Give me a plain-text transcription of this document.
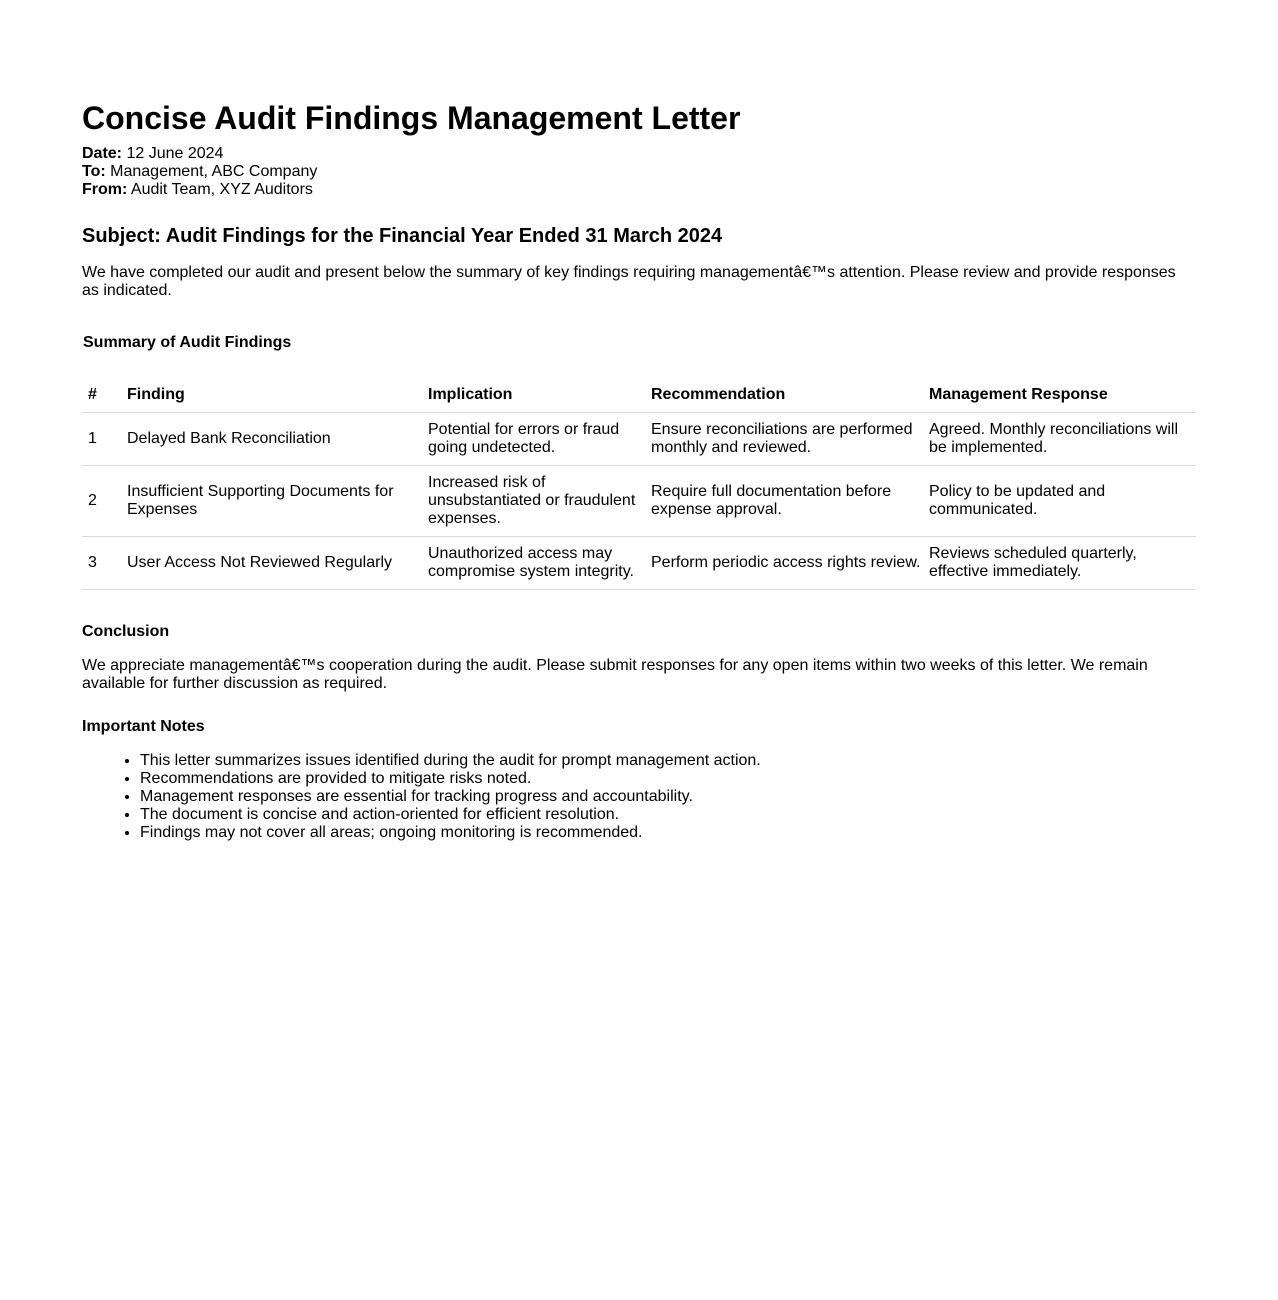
Concise Audit Findings Management Letter

Date: 12 June 2024

To: Management, ABC Company

From: Audit Team, XYZ Auditors

Subject: Audit Findings for the Financial Year Ended 31 March 2024

We have completed our audit and present below the summary of key findings requiring managementâ€™s attention. Please review and provide responses as indicated.

Summary of Audit Findings
#	Finding	Implication	Recommendation	Management Response
1	Delayed Bank Reconciliation	Potential for errors or fraud going undetected.	Ensure reconciliations are performed monthly and reviewed.	Agreed. Monthly reconciliations will be implemented.
2	Insufficient Supporting Documents for Expenses	Increased risk of unsubstantiated or fraudulent expenses.	Require full documentation before expense approval.	Policy to be updated and communicated.
3	User Access Not Reviewed Regularly	Unauthorized access may compromise system integrity.	Perform periodic access rights review.	Reviews scheduled quarterly, effective immediately.
Conclusion

We appreciate managementâ€™s cooperation during the audit. Please submit responses for any open items within two weeks of this letter. We remain available for further discussion as required.

Important Notes
• This letter summarizes issues identified during the audit for prompt management action.
• Recommendations are provided to mitigate risks noted.
• Management responses are essential for tracking progress and accountability.
• The document is concise and action-oriented for efficient resolution.
• Findings may not cover all areas; ongoing monitoring is recommended.
